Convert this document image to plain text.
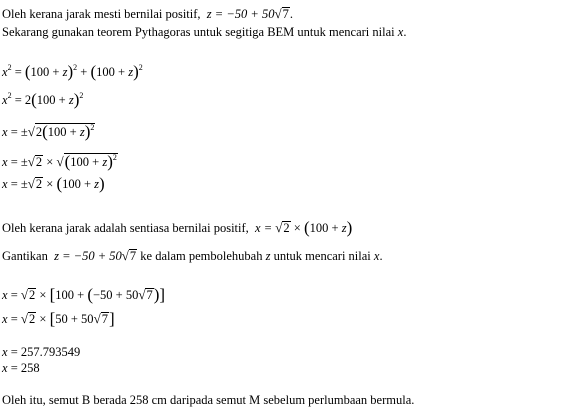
Oleh kerana jarak mesti bernilai positif,  z = −50 + 50√7.
Sekarang gunakan teorem Pythagoras untuk segitiga BEM untuk mencari nilai x.
$x^2 = (100 + z)^2 + (100 + z)^2$
$x^2 = 2(100 + z)^2$
$x = \pm√2(100 + z)^2$
$x = \pm√2 \times √(100 + z)^2$
x = ±√2 × (100 + z)
Oleh kerana jarak adalah sentiasa bernilai positif,  x = √2 × (100 + z)
Gantikan  z = −50 + 50√7 ke dalam pembolehubah z untuk mencari nilai x.
x = √2 × [100 + (−50 + 50√7)]
x = √2 × [50 + 50√7]
x = 257.793549
x = 258
Oleh itu, semut B berada 258 cm daripada semut M sebelum perlumbaan bermula.
